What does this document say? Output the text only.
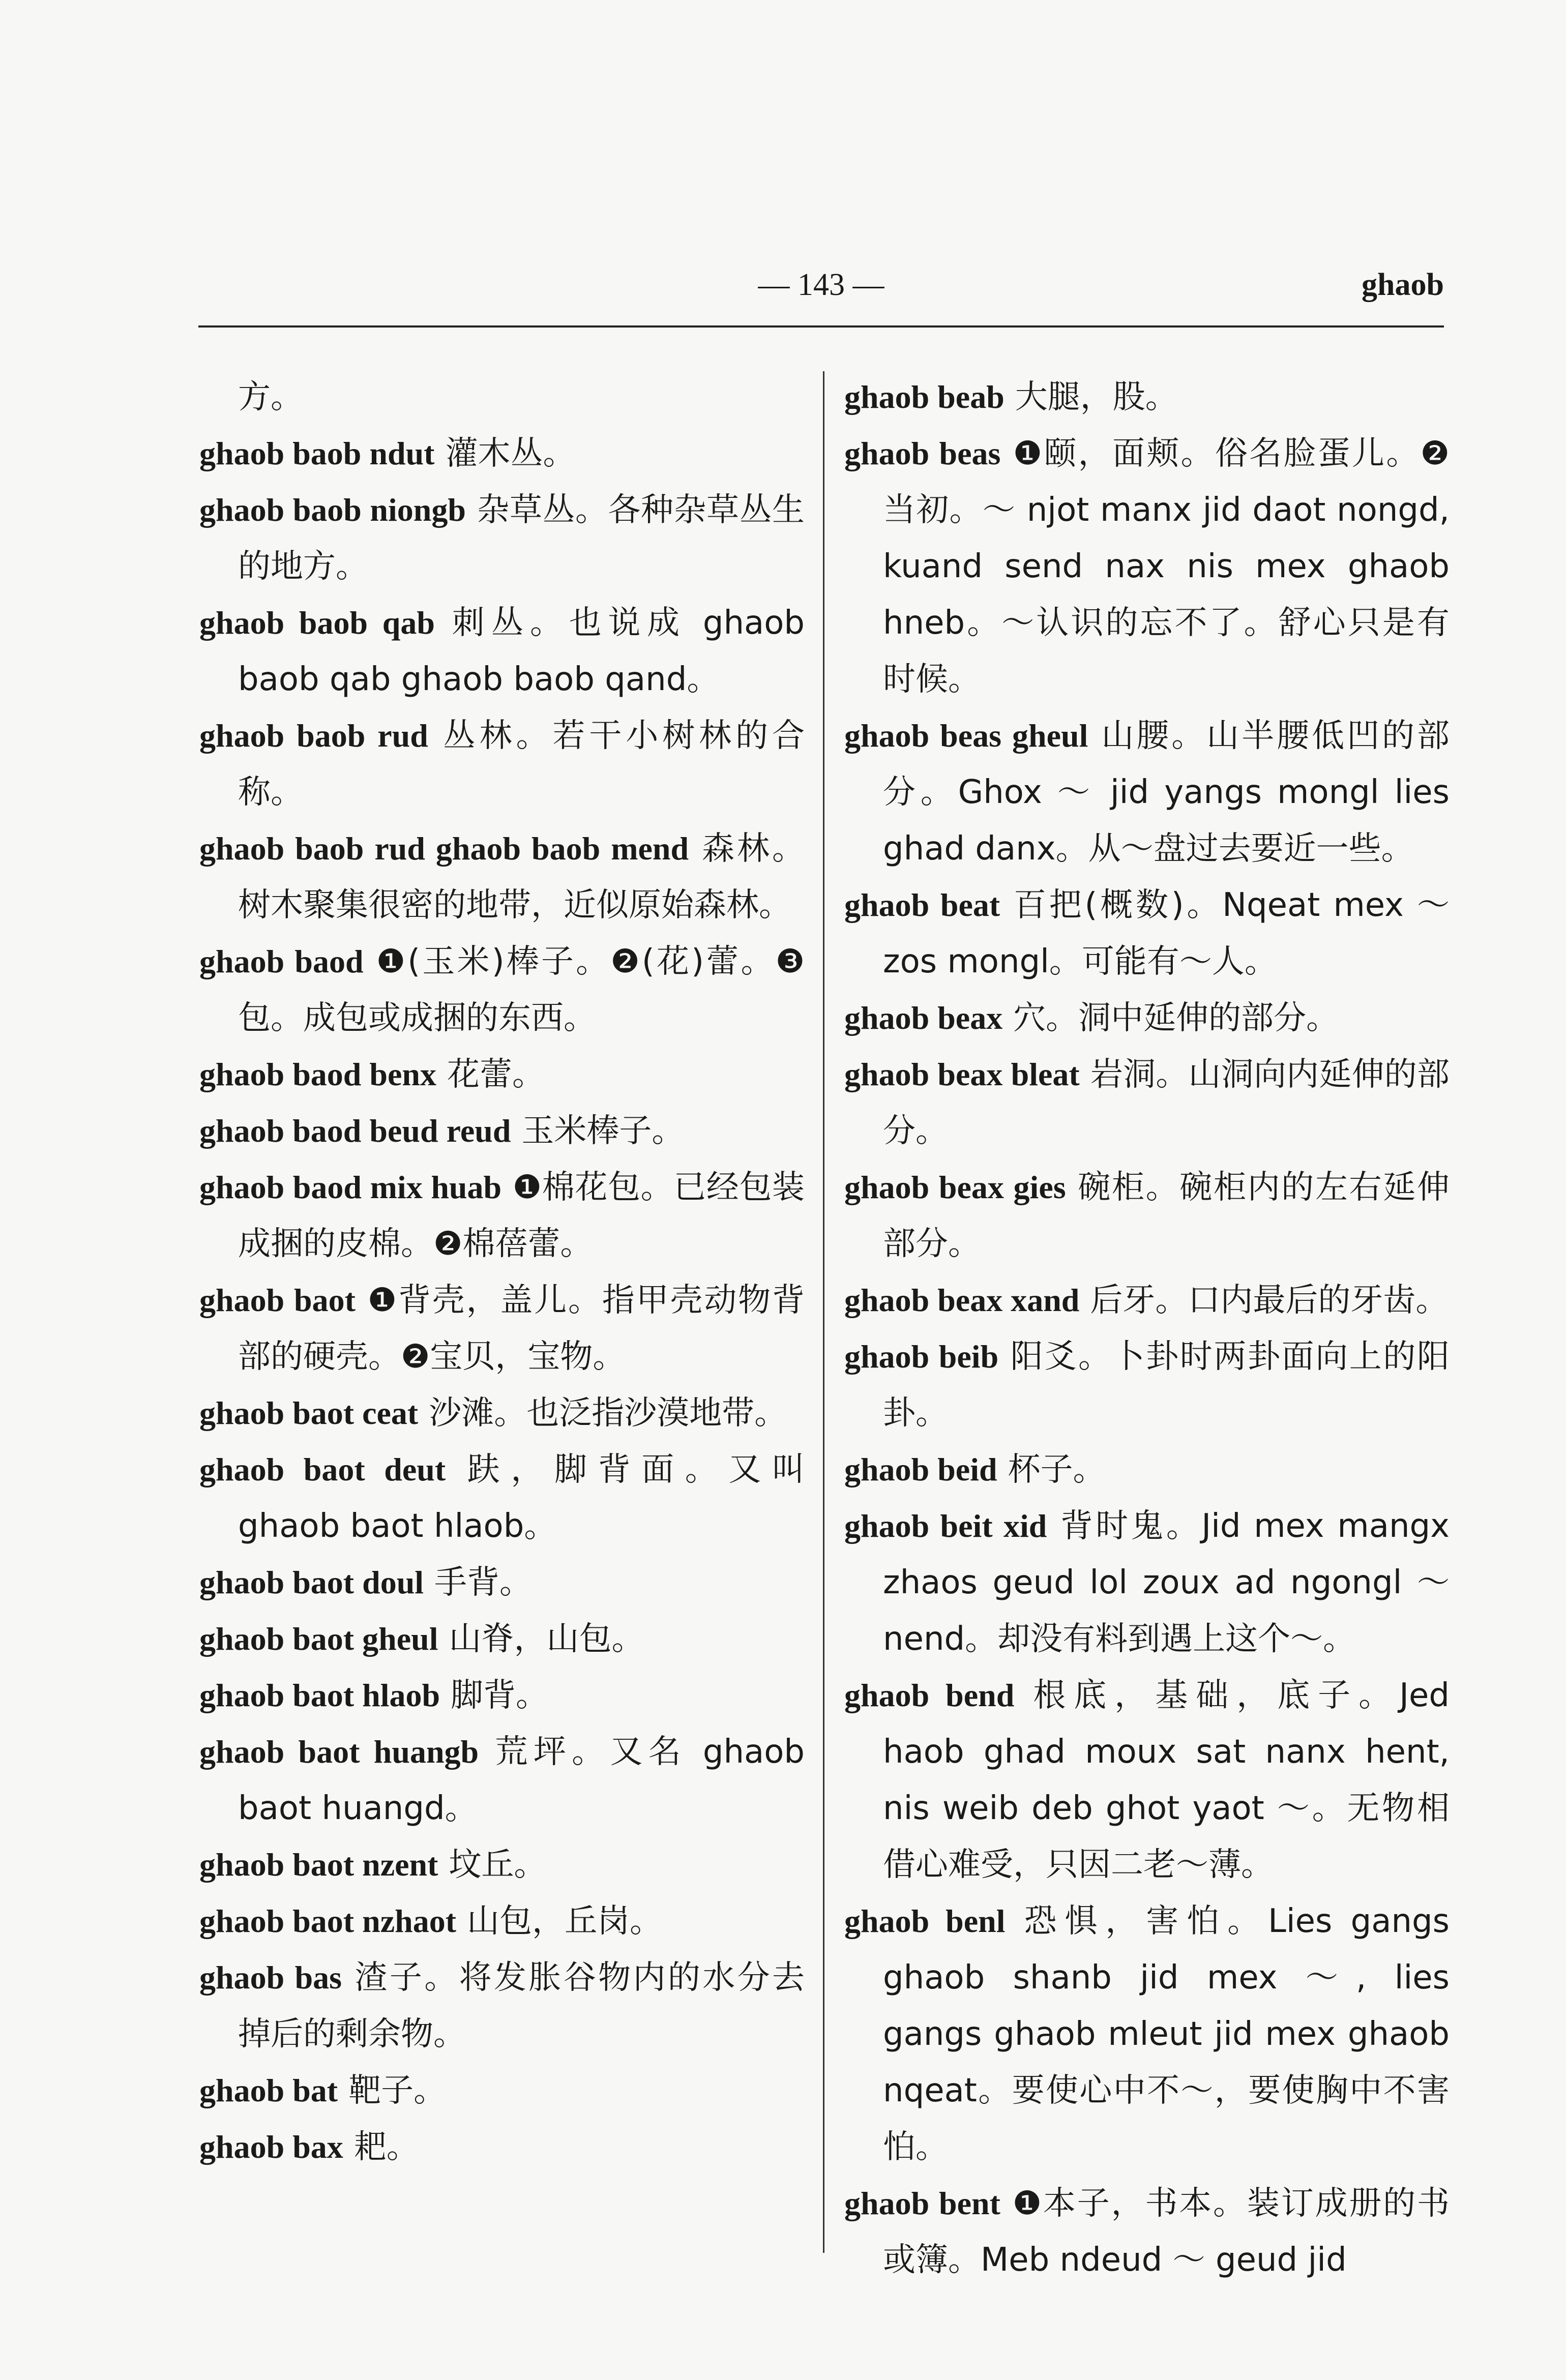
— 143 —	ghaob

方。

ghaob baob ndut 灌木丛。

ghaob baob niongb 杂草丛。各种杂草丛生的地方。

ghaob baob qab 刺丛。也说成 ghaob baob qab ghaob baob qand。

ghaob baob rud 丛林。若干小树林的合称。

ghaob baob rud ghaob baob mend 森林。树木聚集很密的地带，近似原始森林。

ghaob baod ❶(玉米)棒子。❷(花)蕾。❸包。成包或成捆的东西。

ghaob baod benx 花蕾。

ghaob baod beud reud 玉米棒子。

ghaob baod mix huab ❶棉花包。已经包装成捆的皮棉。❷棉蓓蕾。

ghaob baot ❶背壳，盖儿。指甲壳动物背部的硬壳。❷宝贝，宝物。

ghaob baot ceat 沙滩。也泛指沙漠地带。

ghaob baot deut 趺，脚背面。又叫 ghaob baot hlaob。

ghaob baot doul 手背。

ghaob baot gheul 山脊，山包。

ghaob baot hlaob 脚背。

ghaob baot huangb 荒坪。又名 ghaob baot huangd。

ghaob baot nzent 坟丘。

ghaob baot nzhaot 山包，丘岗。

ghaob bas 渣子。将发胀谷物内的水分去掉后的剩余物。

ghaob bat 靶子。

ghaob bax 耙。

ghaob beab 大腿，股。

ghaob beas ❶颐，面颊。俗名脸蛋儿。❷当初。～ njot manx jid daot nongd, kuand send nax nis mex ghaob hneb。～认识的忘不了。舒心只是有时候。

ghaob beas gheul 山腰。山半腰低凹的部分。Ghox ～ jid yangs mongl lies ghad danx。从～盘过去要近一些。

ghaob beat 百把(概数)。Nqeat mex ～ zos mongl。可能有～人。

ghaob beax 穴。洞中延伸的部分。

ghaob beax bleat 岩洞。山洞向内延伸的部分。

ghaob beax gies 碗柜。碗柜内的左右延伸部分。

ghaob beax xand 后牙。口内最后的牙齿。

ghaob beib 阳爻。卜卦时两卦面向上的阳卦。

ghaob beid 杯子。

ghaob beit xid 背时鬼。Jid mex mangx zhaos geud lol zoux ad ngongl ～ nend。却没有料到遇上这个～。

ghaob bend 根底，基础，底子。Jed haob ghad moux sat nanx hent, nis weib deb ghot yaot ～。无物相借心难受，只因二老～薄。

ghaob benl 恐惧，害怕。Lies gangs ghaob shanb jid mex ～, lies gangs ghaob mleut jid mex ghaob nqeat。要使心中不～，要使胸中不害怕。

ghaob bent ❶本子，书本。装订成册的书或簿。Meb ndeud ～ geud jid
